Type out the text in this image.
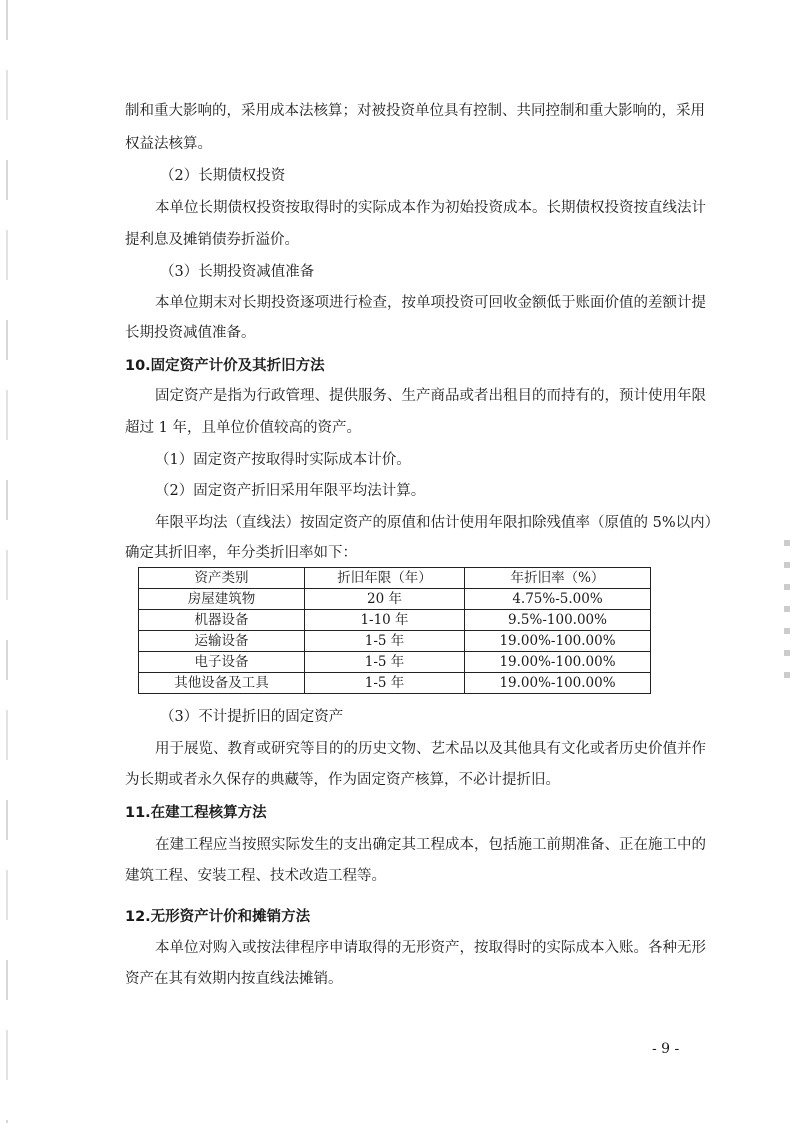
制和重大影响的，采用成本法核算；对被投资单位具有控制、共同控制和重大影响的，采用
权益法核算。
（2）长期债权投资
本单位长期债权投资按取得时的实际成本作为初始投资成本。长期债权投资按直线法计
提利息及摊销债券折溢价。
（3）长期投资减值准备
本单位期末对长期投资逐项进行检查，按单项投资可回收金额低于账面价值的差额计提
长期投资减值准备。
10.固定资产计价及其折旧方法
固定资产是指为行政管理、提供服务、生产商品或者出租目的而持有的，预计使用年限
超过 1 年，且单位价值较高的资产。
（1）固定资产按取得时实际成本计价。
（2）固定资产折旧采用年限平均法计算。
年限平均法（直线法）按固定资产的原值和估计使用年限扣除残值率（原值的 5%以内）
确定其折旧率，年分类折旧率如下：
资产类别	折旧年限（年）	年折旧率（%）
房屋建筑物	20 年	4.75%-5.00%
机器设备	1-10 年	9.5%-100.00%
运输设备	1-5 年	19.00%-100.00%
电子设备	1-5 年	19.00%-100.00%
其他设备及工具	1-5 年	19.00%-100.00%
（3）不计提折旧的固定资产
用于展览、教育或研究等目的的历史文物、艺术品以及其他具有文化或者历史价值并作
为长期或者永久保存的典藏等，作为固定资产核算，不必计提折旧。
11.在建工程核算方法
在建工程应当按照实际发生的支出确定其工程成本，包括施工前期准备、正在施工中的
建筑工程、安装工程、技术改造工程等。
12.无形资产计价和摊销方法
本单位对购入或按法律程序申请取得的无形资产，按取得时的实际成本入账。各种无形
资产在其有效期内按直线法摊销。
- 9 -
